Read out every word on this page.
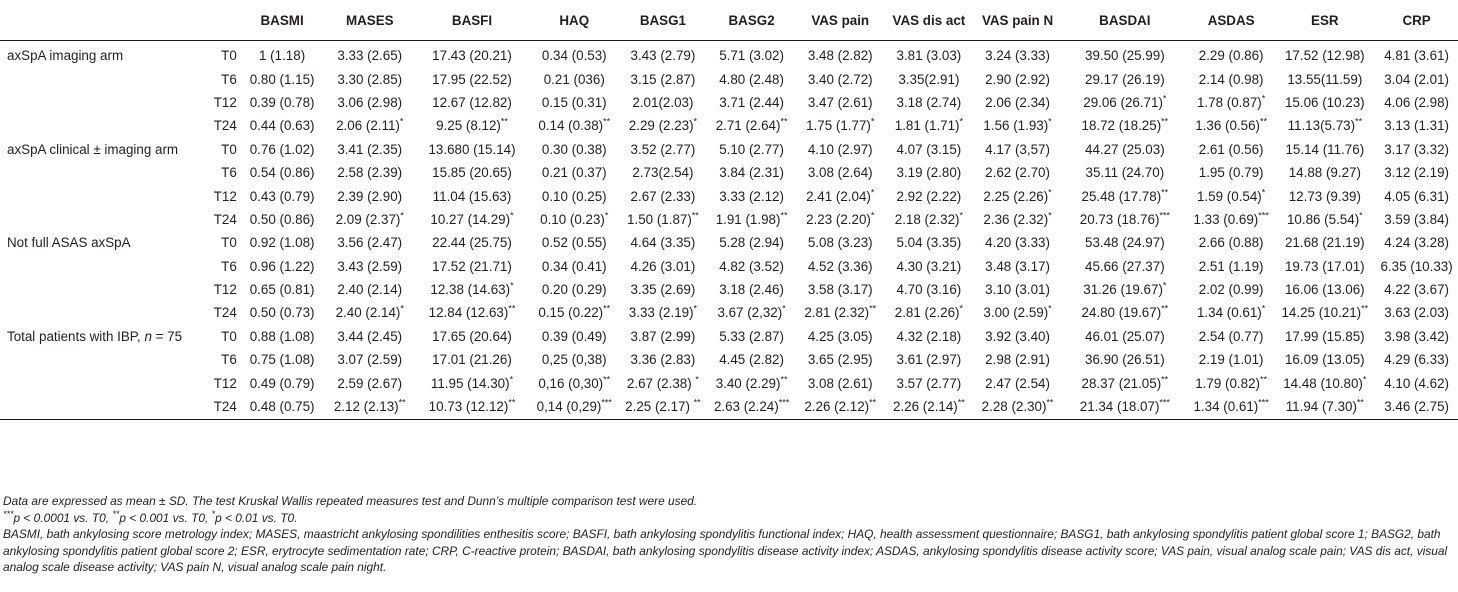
		BASMI	MASES	BASFI	HAQ	BASG1	BASG2	VAS pain	VAS dis act	VAS pain N	BASDAI	ASDAS	ESR	CRP
axSpA imaging arm	T0	1 (1.18)	3.33 (2.65)	17.43 (20.21)	0.34 (0.53)	3.43 (2.79)	5.71 (3.02)	3.48 (2.82)	3.81 (3.03)	3.24 (3.33)	39.50 (25.99)	2.29 (0.86)	17.52 (12.98)	4.81 (3.61)
	T6	0.80 (1.15)	3.30 (2.85)	17.95 (22.52)	0.21 (036)	3.15 (2.87)	4.80 (2.48)	3.40 (2.72)	3.35(2.91)	2.90 (2.92)	29.17 (26.19)	2.14 (0.98)	13.55(11.59)	3.04 (2.01)
	T12	0.39 (0.78)	3.06 (2.98)	12.67 (12.82)	0.15 (0.31)	2.01(2.03)	3.71 (2.44)	3.47 (2.61)	3.18 (2.74)	2.06 (2.34)	29.06 (26.71)*	1.78 (0.87)*	15.06 (10.23)	4.06 (2.98)
	T24	0.44 (0.63)	2.06 (2.11)*	9.25 (8.12)**	0.14 (0.38)**	2.29 (2.23)*	2.71 (2.64)**	1.75 (1.77)*	1.81 (1.71)*	1.56 (1.93)*	18.72 (18.25)**	1.36 (0.56)**	11.13(5.73)**	3.13 (1.31)
axSpA clinical ± imaging arm	T0	0.76 (1.02)	3.41 (2.35)	13.680 (15.14)	0.30 (0.38)	3.52 (2.77)	5.10 (2.77)	4.10 (2.97)	4.07 (3.15)	4.17 (3,57)	44.27 (25.03)	2.61 (0.56)	15.14 (11.76)	3.17 (3.32)
	T6	0.54 (0.86)	2.58 (2.39)	15.85 (20.65)	0.21 (0.37)	2.73(2.54)	3.84 (2.31)	3.08 (2.64)	3.19 (2.80)	2.62 (2.70)	35.11 (24.70)	1.95 (0.79)	14.88 (9.27)	3.12 (2.19)
	T12	0.43 (0.79)	2.39 (2.90)	11.04 (15.63)	0.10 (0.25)	2.67 (2.33)	3.33 (2.12)	2.41 (2.04)*	2.92 (2.22)	2.25 (2.26)*	25.48 (17.78)**	1.59 (0.54)*	12.73 (9.39)	4.05 (6.31)
	T24	0.50 (0.86)	2.09 (2.37)*	10.27 (14.29)*	0.10 (0.23)*	1.50 (1.87)**	1.91 (1.98)**	2.23 (2.20)*	2.18 (2.32)*	2.36 (2.32)*	20.73 (18.76)***	1.33 (0.69)***	10.86 (5.54)*	3.59 (3.84)
Not full ASAS axSpA	T0	0.92 (1.08)	3.56 (2.47)	22.44 (25.75)	0.52 (0.55)	4.64 (3.35)	5.28 (2.94)	5.08 (3.23)	5.04 (3.35)	4.20 (3.33)	53.48 (24.97)	2.66 (0.88)	21.68 (21.19)	4.24 (3.28)
	T6	0.96 (1.22)	3.43 (2.59)	17.52 (21.71)	0.34 (0.41)	4.26 (3.01)	4.82 (3.52)	4.52 (3.36)	4.30 (3.21)	3.48 (3.17)	45.66 (27.37)	2.51 (1.19)	19.73 (17.01)	6.35 (10.33)
	T12	0.65 (0.81)	2.40 (2.14)	12.38 (14.63)*	0.20 (0.29)	3.35 (2.69)	3.18 (2.46)	3.58 (3.17)	4.70 (3.16)	3.10 (3.01)	31.26 (19.67)*	2.02 (0.99)	16.06 (13.06)	4.22 (3.67)
	T24	0.50 (0.73)	2.40 (2.14)*	12.84 (12.63)**	0.15 (0.22)**	3.33 (2.19)*	3.67 (2,32)*	2.81 (2.32)**	2.81 (2.26)*	3.00 (2.59)*	24.80 (19.67)**	1.34 (0.61)*	14.25 (10.21)**	3.63 (2.03)
Total patients with IBP, n = 75	T0	0.88 (1.08)	3.44 (2.45)	17.65 (20.64)	0.39 (0.49)	3.87 (2.99)	5.33 (2.87)	4.25 (3.05)	4.32 (2.18)	3.92 (3.40)	46.01 (25.07)	2.54 (0.77)	17.99 (15.85)	3.98 (3.42)
	T6	0.75 (1.08)	3.07 (2.59)	17.01 (21.26)	0,25 (0,38)	3.36 (2.83)	4.45 (2.82)	3.65 (2.95)	3.61 (2.97)	2.98 (2.91)	36.90 (26.51)	2.19 (1.01)	16.09 (13.05)	4.29 (6.33)
	T12	0.49 (0.79)	2.59 (2.67)	11.95 (14.30)*	0,16 (0,30)**	2.67 (2.38) *	3.40 (2.29)**	3.08 (2.61)	3.57 (2.77)	2.47 (2.54)	28.37 (21.05)**	1.79 (0.82)**	14.48 (10.80)*	4.10 (4.62)
	T24	0.48 (0.75)	2.12 (2.13)**	10.73 (12.12)**	0,14 (0,29)***	2.25 (2.17) **	2.63 (2.24)***	2.26 (2.12)**	2.26 (2.14)**	2.28 (2.30)**	21.34 (18.07)***	1.34 (0.61)***	11.94 (7.30)**	3.46 (2.75)

Data are expressed as mean ± SD. The test Kruskal Wallis repeated measures test and Dunn’s multiple comparison test were used.

***p < 0.0001 vs. T0, **p < 0.001 vs. T0, *p < 0.01 vs. T0.

BASMI, bath ankylosing score metrology index; MASES, maastricht ankylosing spondilities enthesitis score; BASFI, bath ankylosing spondylitis functional index; HAQ, health assessment questionnaire; BASG1, bath ankylosing spondylitis patient global score 1; BASG2, bath ankylosing spondylitis patient global score 2; ESR, erytrocyte sedimentation rate; CRP, C-reactive protein; BASDAI, bath ankylosing spondylitis disease activity index; ASDAS, ankylosing spondylitis disease activity score; VAS pain, visual analog scale pain; VAS dis act, visual analog scale disease activity; VAS pain N, visual analog scale pain night.
